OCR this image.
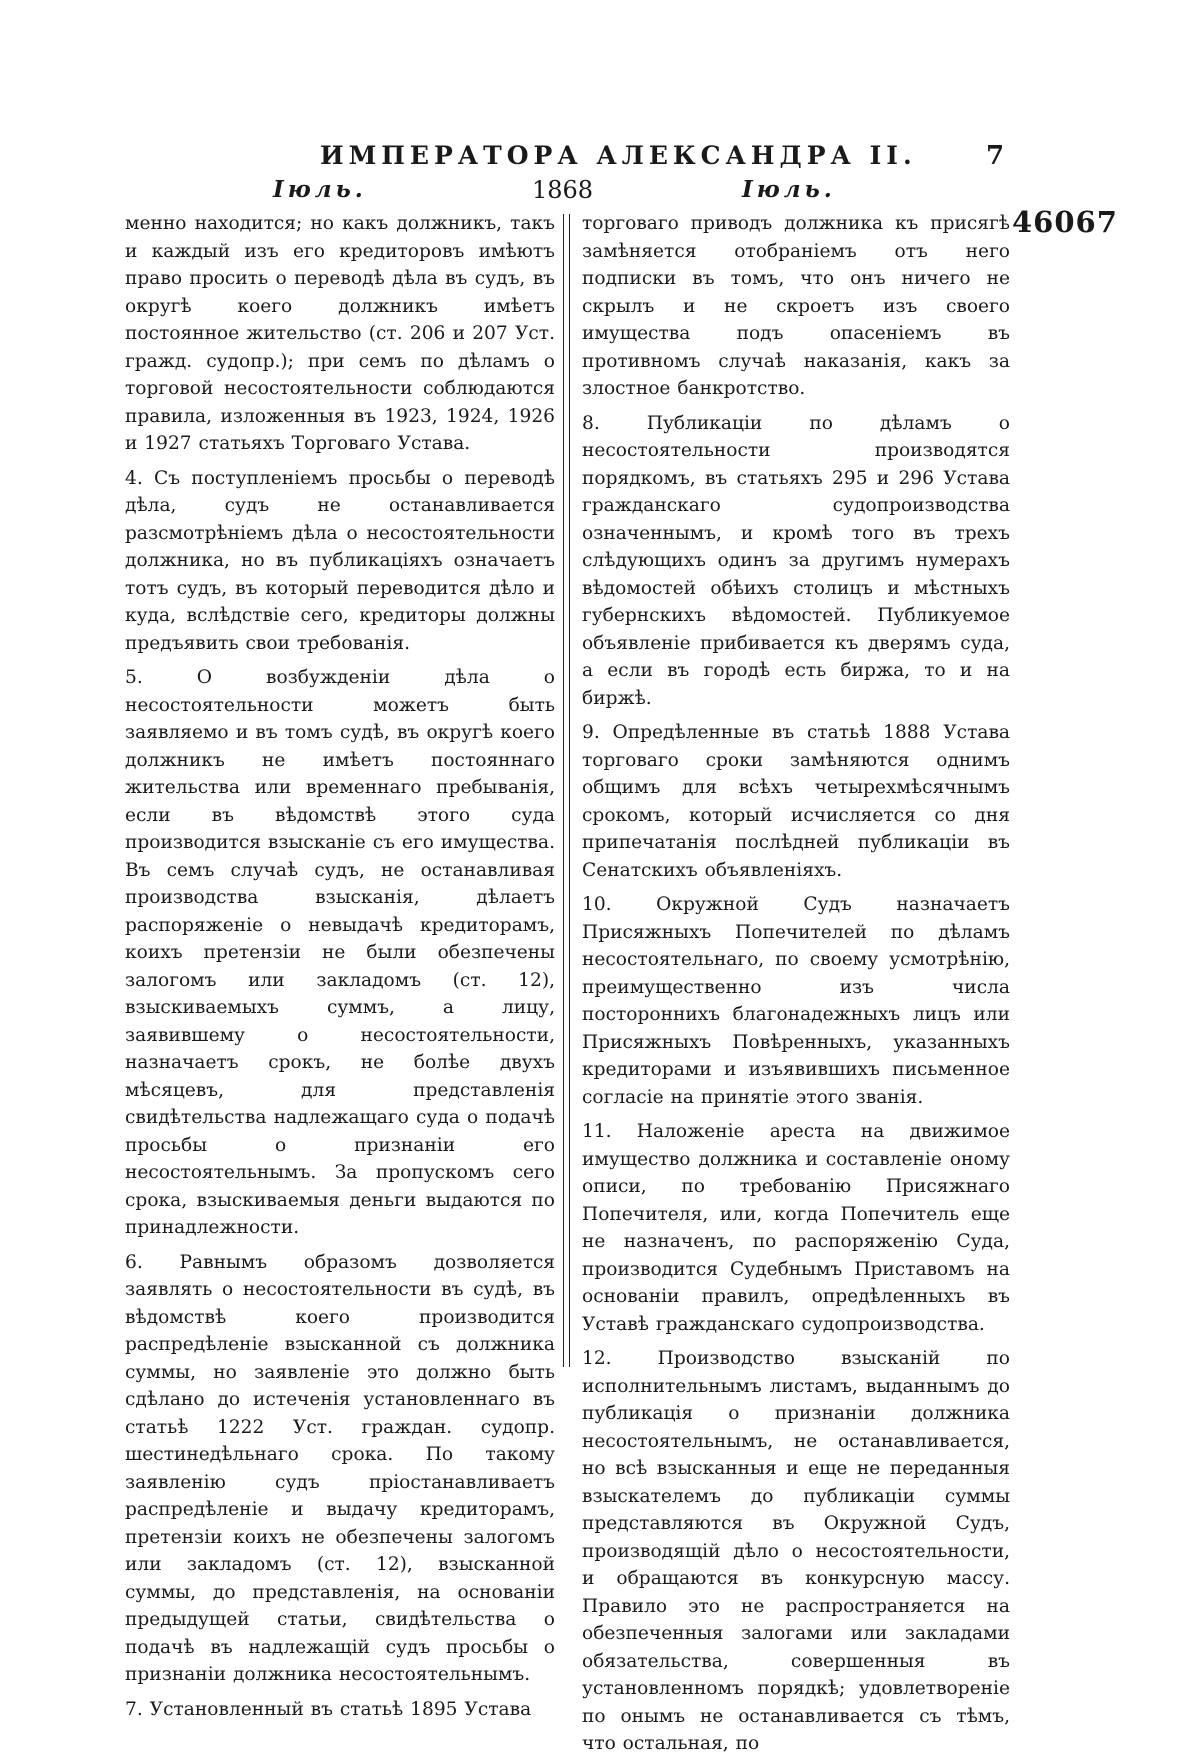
ИМПЕРАТОРА АЛЕКСАНДРА II.	7
Іюль.	1868	Іюль.
46067

менно находится; но какъ должникъ, такъ и каждый изъ его кредиторовъ имѣютъ право просить о переводѣ дѣла въ судъ, въ округѣ коего должникъ имѣетъ постоянное жительство (ст. 206 и 207 Уст. гражд. судопр.); при семъ по дѣламъ о торговой несостоятельности соблюдаются правила, изложенныя въ 1923, 1924, 1926 и 1927 статьяхъ Торговаго Устава.

4. Съ поступленіемъ просьбы о переводѣ дѣла, судъ не останавливается разсмотрѣніемъ дѣла о несостоятельности должника, но въ публикаціяхъ означаетъ тотъ судъ, въ который переводится дѣло и куда, вслѣдствіе сего, кредиторы должны предъявить свои требованія.

5. О возбужденіи дѣла о несостоятельности можетъ быть заявляемо и въ томъ судѣ, въ округѣ коего должникъ не имѣетъ постояннаго жительства или временнаго пребыванія, если въ вѣдомствѣ этого суда производится взысканіе съ его имущества. Въ семъ случаѣ судъ, не останавливая производства взысканія, дѣлаетъ распоряженіе о невыдачѣ кредиторамъ, коихъ претензіи не были обезпечены залогомъ или закладомъ (ст. 12), взыскиваемыхъ суммъ, а лицу, заявившему о несостоятельности, назначаетъ срокъ, не болѣе двухъ мѣсяцевъ, для представленія свидѣтельства надлежащаго суда о подачѣ просьбы о признаніи его несостоятельнымъ. За пропускомъ сего срока, взыскиваемыя деньги выдаются по принадлежности.

6. Равнымъ образомъ дозволяется заявлять о несостоятельности въ судѣ, въ вѣдомствѣ коего производится распредѣленіе взысканной съ должника суммы, но заявленіе это должно быть сдѣлано до истеченія установленнаго въ статьѣ 1222 Уст. граждан. судопр. шестинедѣльнаго срока. По такому заявленію судъ пріостанавливаетъ распредѣленіе и выдачу кредиторамъ, претензіи коихъ не обезпечены залогомъ или закладомъ (ст. 12), взысканной суммы, до представленія, на основаніи предыдущей статьи, свидѣтельства о подачѣ въ надлежащій судъ просьбы о признаніи должника несостоятельнымъ.

7. Установленный въ статьѣ 1895 Устава

торговаго приводъ должника къ присягѣ замѣняется отобраніемъ отъ него подписки въ томъ, что онъ ничего не скрылъ и не скроетъ изъ своего имущества подъ опасеніемъ въ противномъ случаѣ наказанія, какъ за злостное банкротство.

8. Публикаціи по дѣламъ о несостоятельности производятся порядкомъ, въ статьяхъ 295 и 296 Устава гражданскаго судопроизводства означеннымъ, и кромѣ того въ трехъ слѣдующихъ одинъ за другимъ нумерахъ вѣдомостей обѣихъ столицъ и мѣстныхъ губернскихъ вѣдомостей. Публикуемое объявленіе прибивается къ дверямъ суда, а если въ городѣ есть биржа, то и на биржѣ.

9. Опредѣленные въ статьѣ 1888 Устава торговаго сроки замѣняются однимъ общимъ для всѣхъ четырехмѣсячнымъ срокомъ, который исчисляется со дня припечатанія послѣдней публикаціи въ Сенатскихъ объявленіяхъ.

10. Окружной Судъ назначаетъ Присяжныхъ Попечителей по дѣламъ несостоятельнаго, по своему усмотрѣнію, преимущественно изъ числа постороннихъ благонадежныхъ лицъ или Присяжныхъ Повѣренныхъ, указанныхъ кредиторами и изъявившихъ письменное согласіе на принятіе этого званія.

11. Наложеніе ареста на движимое имущество должника и составленіе оному описи, по требованію Присяжнаго Попечителя, или, когда Попечитель еще не назначенъ, по распоряженію Суда, производится Судебнымъ Приставомъ на основаніи правилъ, опредѣленныхъ въ Уставѣ гражданскаго судопроизводства.

12. Производство взысканій по исполнительнымъ листамъ, выданнымъ до публикація о признаніи должника несостоятельнымъ, не останавливается, но всѣ взысканныя и еще не переданныя взыскателемъ до публикаціи суммы представляются въ Окружной Судъ, производящій дѣло о несостоятельности, и обращаются въ конкурсную массу. Правило это не распространяется на обезпеченныя залогами или закладами обязательства, совершенныя въ установленномъ порядкѣ; удовлетвореніе по онымъ не останавливается съ тѣмъ, что остальная, по
